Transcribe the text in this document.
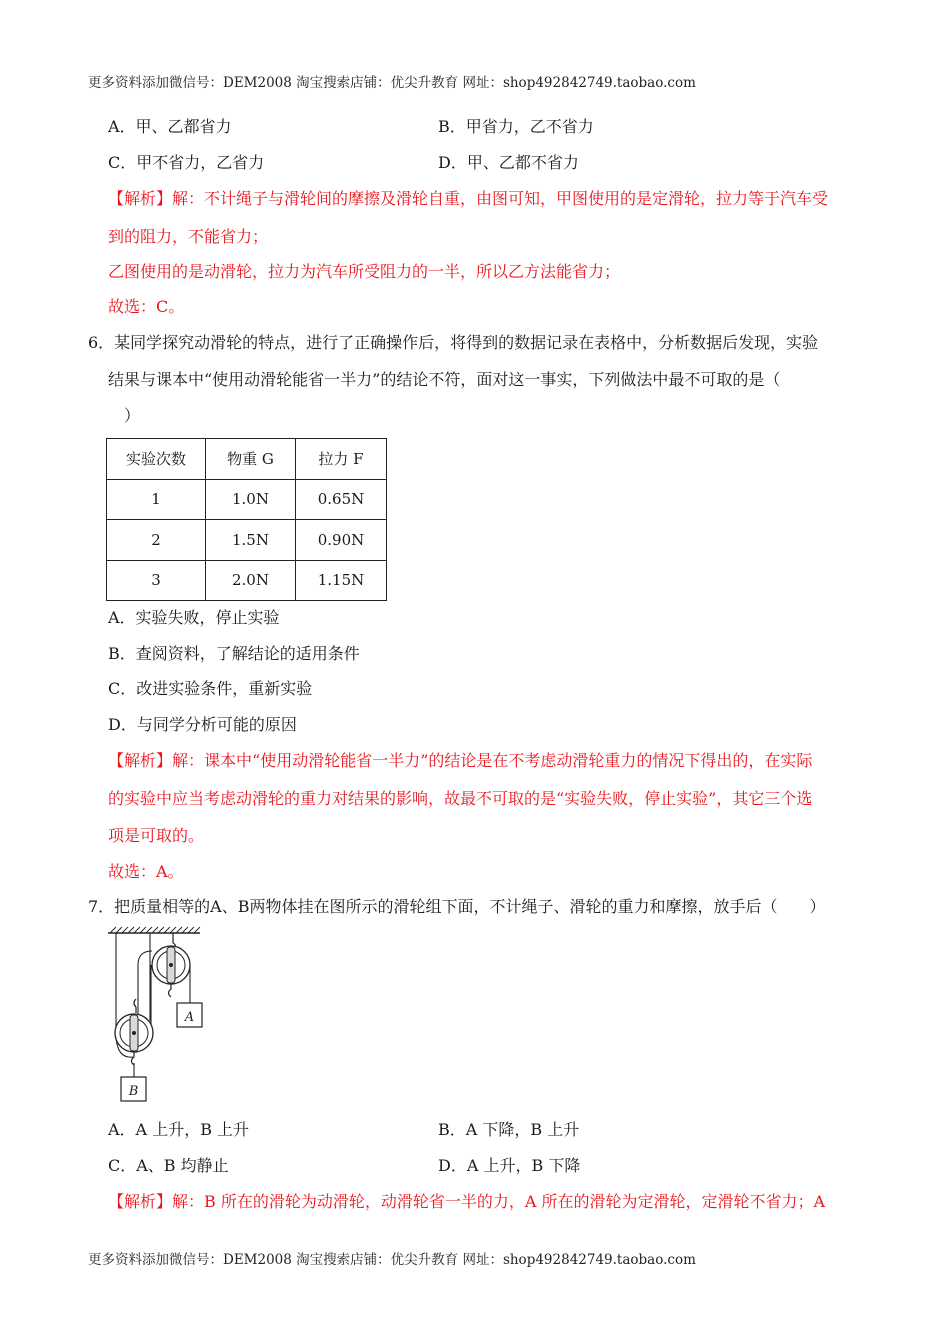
更多资料添加微信号：DEM2008 淘宝搜索店铺：优尖升教育 网址：shop492842749.taobao.com
A．甲、乙都省力	B．甲省力，乙不省力
C．甲不省力，乙省力	D．甲、乙都不省力
【解析】解：不计绳子与滑轮间的摩擦及滑轮自重，由图可知，甲图使用的是定滑轮，拉力等于汽车受
到的阻力，不能省力；
乙图使用的是动滑轮，拉力为汽车所受阻力的一半，所以乙方法能省力；
故选：C。
6．某同学探究动滑轮的特点，进行了正确操作后，将得到的数据记录在表格中，分析数据后发现，实验
结果与课本中“使用动滑轮能省一半力”的结论不符，面对这一事实，下列做法中最不可取的是（
）
实验次数	物重 G	拉力 F
1	1.0N	0.65N
2	1.5N	0.90N
3	2.0N	1.15N
A．实验失败，停止实验
B．查阅资料，了解结论的适用条件
C．改进实验条件，重新实验
D．与同学分析可能的原因
【解析】解：课本中“使用动滑轮能省一半力”的结论是在不考虑动滑轮重力的情况下得出的，在实际
的实验中应当考虑动滑轮的重力对结果的影响，故最不可取的是“实验失败，停止实验”，其它三个选
项是可取的。
故选：A。
7．把质量相等的A、B两物体挂在图所示的滑轮组下面，不计绳子、滑轮的重力和摩擦，放手后（　　）
A
B
A．A 上升，B 上升	B．A 下降，B 上升
C．A、B 均静止	D．A 上升，B 下降
【解析】解：B 所在的滑轮为动滑轮，动滑轮省一半的力，A 所在的滑轮为定滑轮，定滑轮不省力；A
更多资料添加微信号：DEM2008 淘宝搜索店铺：优尖升教育 网址：shop492842749.taobao.com
